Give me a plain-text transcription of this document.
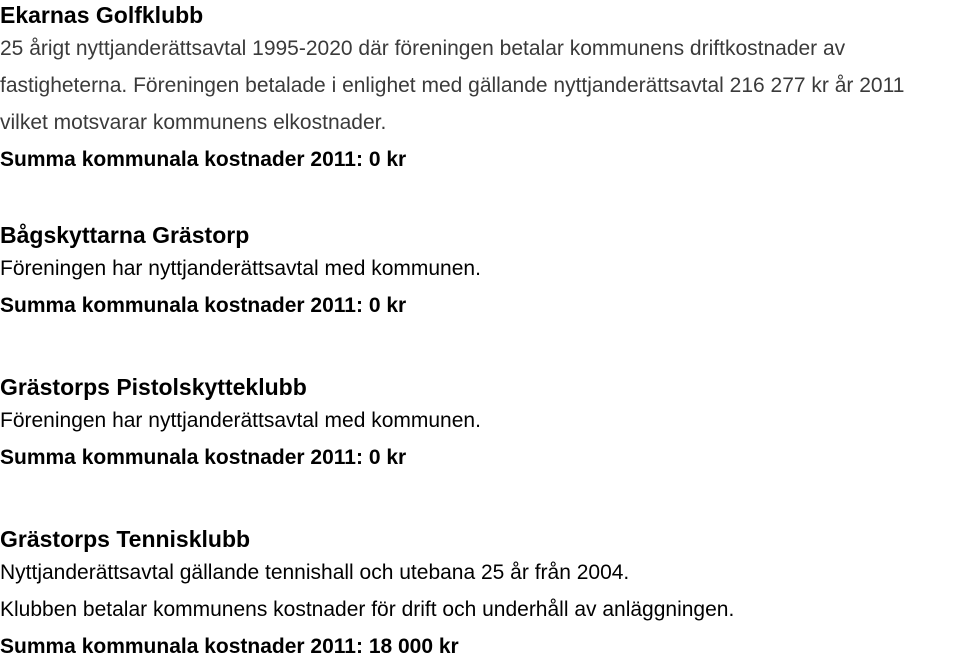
Ekarnas Golfklubb

25 årigt nyttjanderättsavtal 1995-2020 där föreningen betalar kommunens driftkostnader av fastigheterna. Föreningen betalade i enlighet med gällande nyttjanderättsavtal 216 277 kr år 2011 vilket motsvarar kommunens elkostnader.

Summa kommunala kostnader 2011: 0 kr

Bågskyttarna Grästorp

Föreningen har nyttjanderättsavtal med kommunen.

Summa kommunala kostnader 2011: 0 kr

Grästorps Pistolskytteklubb

Föreningen har nyttjanderättsavtal med kommunen.

Summa kommunala kostnader 2011: 0 kr

Grästorps Tennisklubb

Nyttjanderättsavtal gällande tennishall och utebana 25 år från 2004.

Klubben betalar kommunens kostnader för drift och underhåll av anläggningen.

Summa kommunala kostnader 2011: 18 000 kr
